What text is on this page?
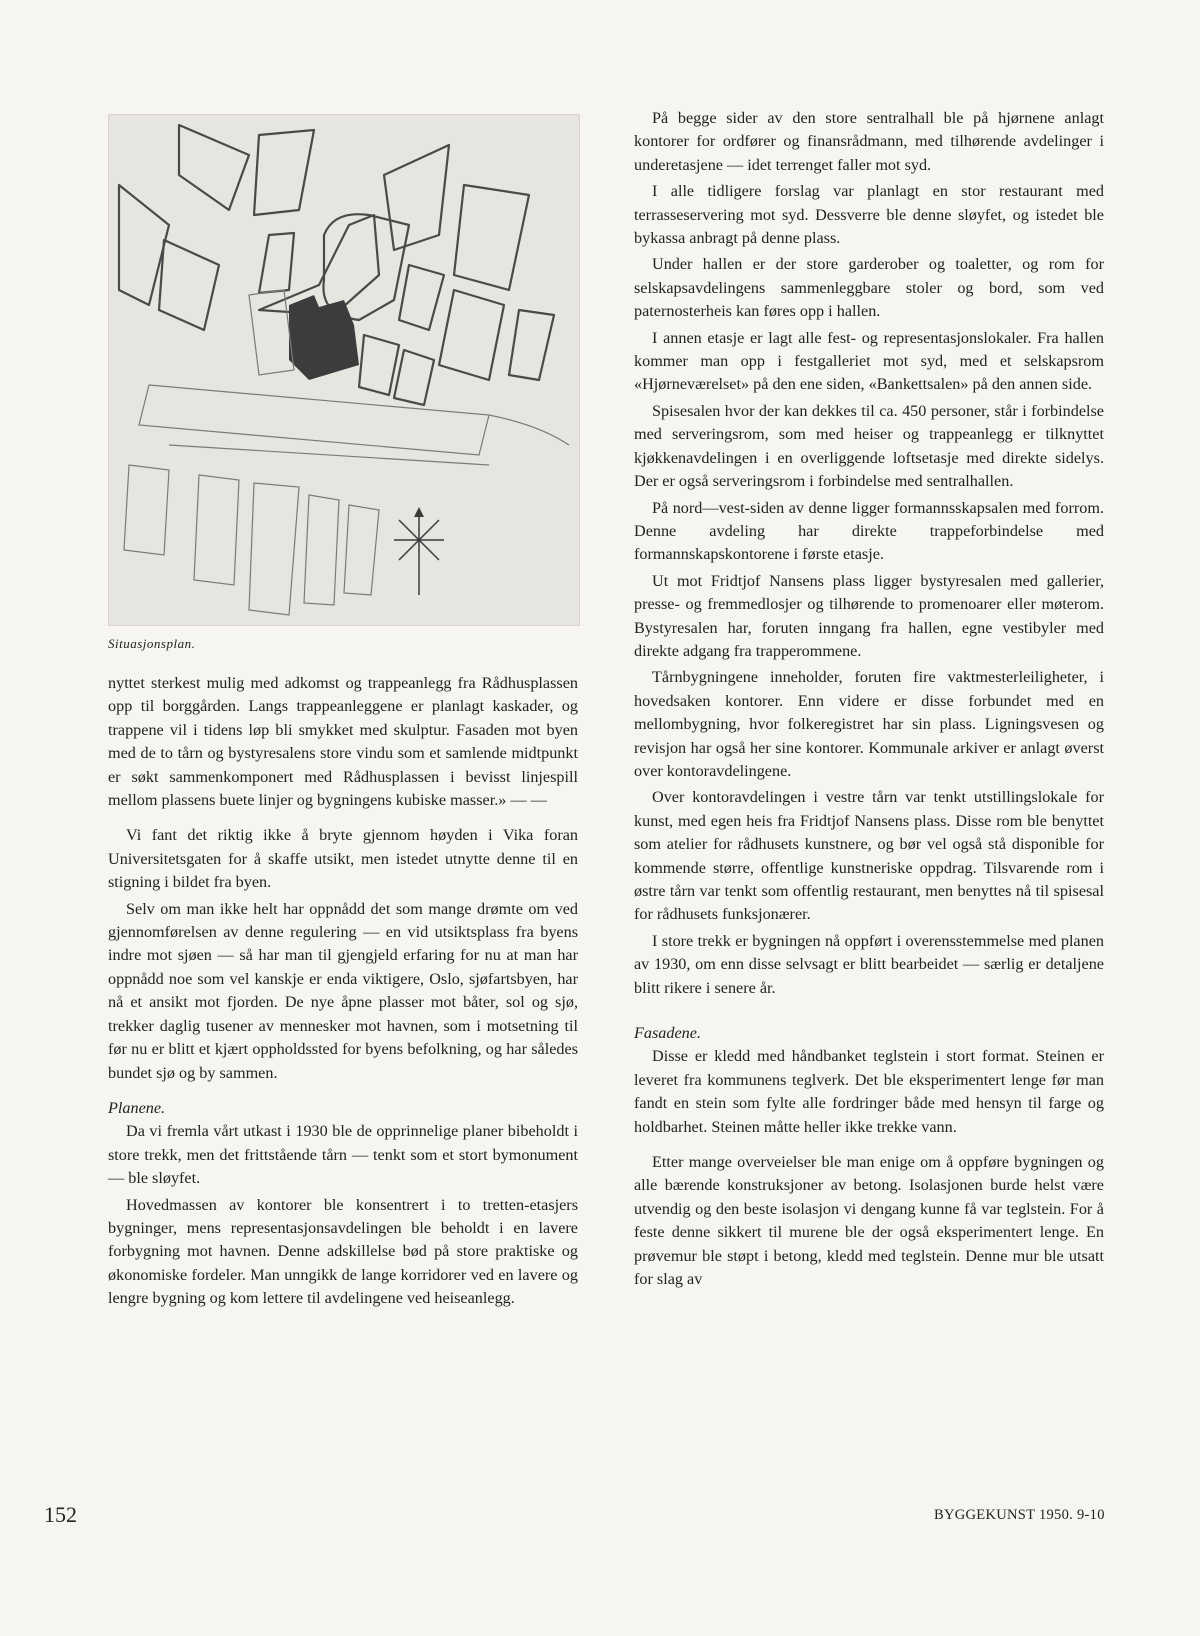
Situasjonsplan.

nyttet sterkest mulig med adkomst og trappeanlegg fra Rådhusplassen opp til borggården. Langs trappeanleggene er planlagt kaskader, og trappene vil i tidens løp bli smykket med skulptur. Fasaden mot byen med de to tårn og bystyresalens store vindu som et samlende midtpunkt er søkt sammenkomponert med Rådhusplassen i bevisst linjespill mellom plassens buete linjer og bygningens kubiske masser.» — —

Vi fant det riktig ikke å bryte gjennom høyden i Vika foran Universitetsgaten for å skaffe utsikt, men istedet utnytte denne til en stigning i bildet fra byen.

Selv om man ikke helt har oppnådd det som mange drømte om ved gjennomførelsen av denne regulering — en vid utsiktsplass fra byens indre mot sjøen — så har man til gjengjeld erfaring for nu at man har oppnådd noe som vel kanskje er enda viktigere, Oslo, sjøfartsbyen, har nå et ansikt mot fjorden. De nye åpne plasser mot båter, sol og sjø, trekker daglig tusener av mennesker mot havnen, som i motsetning til før nu er blitt et kjært oppholdssted for byens befolkning, og har således bundet sjø og by sammen.

Planene.

Da vi fremla vårt utkast i 1930 ble de opprinnelige planer bibeholdt i store trekk, men det frittstående tårn — tenkt som et stort bymonument — ble sløyfet.

Hovedmassen av kontorer ble konsentrert i to tretten-etasjers bygninger, mens representasjonsavdelingen ble beholdt i en lavere forbygning mot havnen. Denne adskillelse bød på store praktiske og økonomiske fordeler. Man unngikk de lange korridorer ved en lavere og lengre bygning og kom lettere til avdelingene ved heiseanlegg.

På begge sider av den store sentralhall ble på hjørnene anlagt kontorer for ordfører og finansrådmann, med tilhørende avdelinger i underetasjene — idet terrenget faller mot syd.

I alle tidligere forslag var planlagt en stor restaurant med terrasseservering mot syd. Dessverre ble denne sløyfet, og istedet ble bykassa anbragt på denne plass.

Under hallen er der store garderober og toaletter, og rom for selskapsavdelingens sammenleggbare stoler og bord, som ved paternosterheis kan føres opp i hallen.

I annen etasje er lagt alle fest- og representasjonslokaler. Fra hallen kommer man opp i festgalleriet mot syd, med et selskapsrom «Hjørneværelset» på den ene siden, «Bankettsalen» på den annen side.

Spisesalen hvor der kan dekkes til ca. 450 personer, står i forbindelse med serveringsrom, som med heiser og trappeanlegg er tilknyttet kjøkkenavdelingen i en overliggende loftsetasje med direkte sidelys. Der er også serveringsrom i forbindelse med sentralhallen.

På nord—vest-siden av denne ligger formannsskapsalen med forrom. Denne avdeling har direkte trappeforbindelse med formannskapskontorene i første etasje.

Ut mot Fridtjof Nansens plass ligger bystyresalen med gallerier, presse- og fremmedlosjer og tilhørende to promenoarer eller møterom. Bystyresalen har, foruten inngang fra hallen, egne vestibyler med direkte adgang fra trapperommene.

Tårnbygningene inneholder, foruten fire vaktmesterleiligheter, i hovedsaken kontorer. Enn videre er disse forbundet med en mellombygning, hvor folkeregistret har sin plass. Ligningsvesen og revisjon har også her sine kontorer. Kommunale arkiver er anlagt øverst over kontoravdelingene.

Over kontoravdelingen i vestre tårn var tenkt utstillingslokale for kunst, med egen heis fra Fridtjof Nansens plass. Disse rom ble benyttet som atelier for rådhusets kunstnere, og bør vel også stå disponible for kommende større, offentlige kunstneriske oppdrag. Tilsvarende rom i østre tårn var tenkt som offentlig restaurant, men benyttes nå til spisesal for rådhusets funksjonærer.

I store trekk er bygningen nå oppført i overensstemmelse med planen av 1930, om enn disse selvsagt er blitt bearbeidet — særlig er detaljene blitt rikere i senere år.

Fasadene.

Disse er kledd med håndbanket teglstein i stort format. Steinen er leveret fra kommunens teglverk. Det ble eksperimentert lenge før man fandt en stein som fylte alle fordringer både med hensyn til farge og holdbarhet. Steinen måtte heller ikke trekke vann.

Etter mange overveielser ble man enige om å oppføre bygningen og alle bærende konstruksjoner av betong. Isolasjonen burde helst være utvendig og den beste isolasjon vi dengang kunne få var teglstein. For å feste denne sikkert til murene ble der også eksperimentert lenge. En prøvemur ble støpt i betong, kledd med teglstein. Denne mur ble utsatt for slag av

152	BYGGEKUNST 1950. 9-10
